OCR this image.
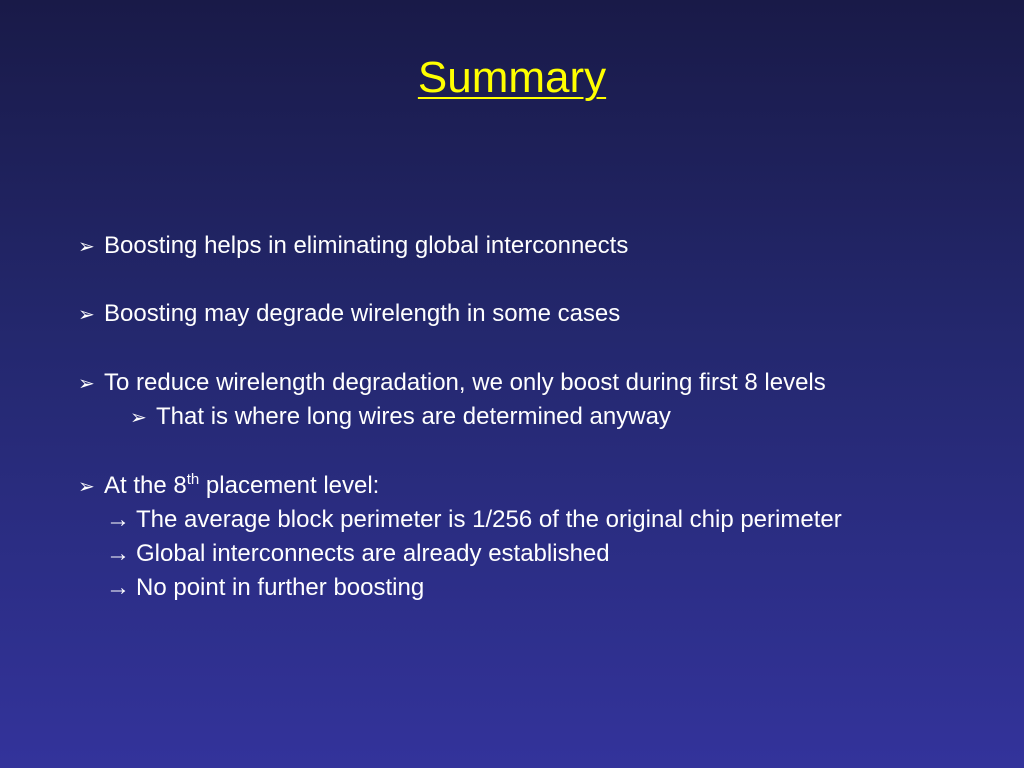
Summary
➢ Boosting helps in eliminating global interconnects
➢ Boosting may degrade wirelength in some cases
➢ To reduce wirelength degradation, we only boost during first 8 levels
➢ That is where long wires are determined anyway
➢ At the 8th placement level:
→ The average block perimeter is 1/256 of the original chip perimeter
→ Global interconnects are already established
→ No point in further boosting
